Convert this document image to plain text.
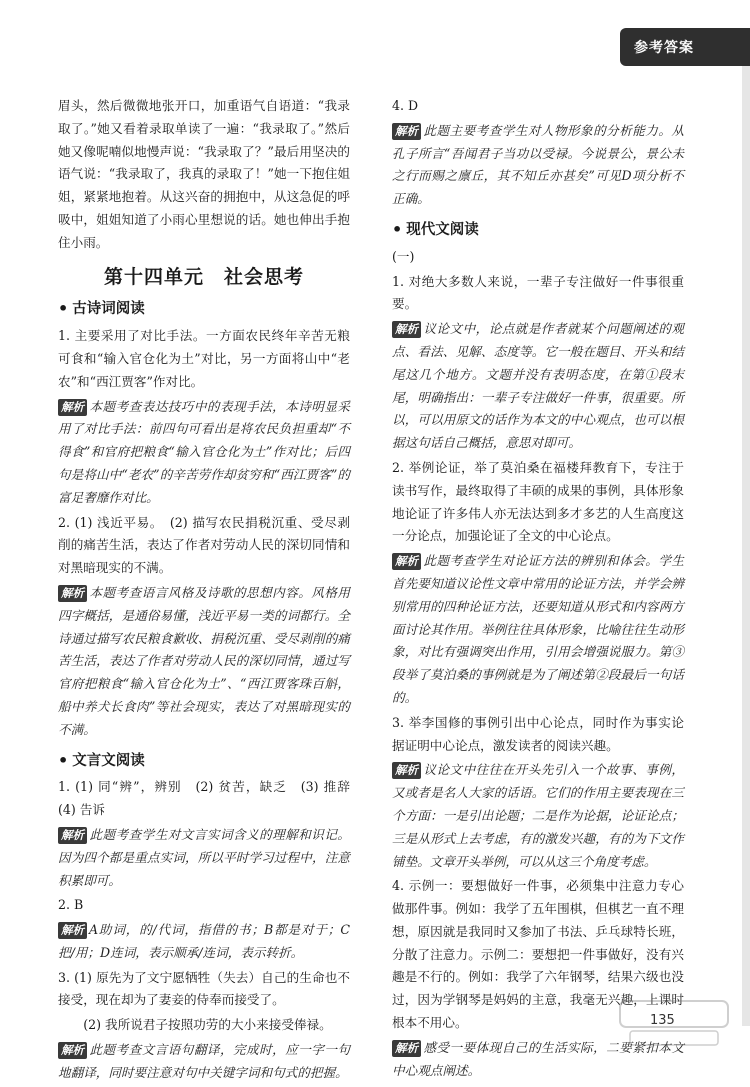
参考答案

眉头，然后微微地张开口，加重语气自语道：“我录取了。”她又看着录取单读了一遍：“我录取了。”然后她又像呢喃似地慢声说：“我录取了？”最后用坚决的语气说：“我录取了，我真的录取了！”她一下抱住姐姐，紧紧地抱着。从这兴奋的拥抱中，从这急促的呼吸中，姐姐知道了小雨心里想说的话。她也伸出手抱住小雨。

第十四单元　社会思考
• 古诗词阅读

1. 主要采用了对比手法。一方面农民终年辛苦无粮可食和“输入官仓化为土”对比，另一方面将山中“老农”和“西江贾客”作对比。

解析 本题考查表达技巧中的表现手法，本诗明显采用了对比手法：前四句可看出是将农民负担重却“不得食”和官府把粮食“输入官仓化为土”作对比；后四句是将山中“老农”的辛苦劳作却贫穷和“西江贾客”的富足奢靡作对比。

2. (1) 浅近平易。　(2) 描写农民捐税沉重、受尽剥削的痛苦生活，表达了作者对劳动人民的深切同情和对黑暗现实的不满。

解析 本题考查语言风格及诗歌的思想内容。风格用四字概括，是通俗易懂，浅近平易一类的词都行。全诗通过描写农民粮食歉收、捐税沉重、受尽剥削的痛苦生活，表达了作者对劳动人民的深切同情，通过写官府把粮食“输入官仓化为土”、“西江贾客珠百斛，船中养犬长食肉”等社会现实，表达了对黑暗现实的不满。

• 文言文阅读

1. (1) 同“辨”，辨别　(2) 贫苦，缺乏　(3) 推辞　(4) 告诉

解析 此题考查学生对文言实词含义的理解和识记。因为四个都是重点实词，所以平时学习过程中，注意积累即可。

2. B

解析 A助词，的/代词，指借的书；B都是对于；C把/用；D连词，表示顺承/连词，表示转折。

3. (1) 原先为了文宁愿牺牲（失去）自己的生命也不接受，现在却为了妻妾的侍奉而接受了。

(2) 我所说君子按照功劳的大小来接受俸禄。

解析 此题考查文言语句翻译，完成时，应一字一句地翻译，同时要注意对句中关键字词和句式的把握。

4. D

解析 此题主要考查学生对人物形象的分析能力。从孔子所言“吾闻君子当功以受禄。今说景公，景公未之行而赐之廪丘，其不知丘亦甚矣”可见D项分析不正确。

• 现代文阅读

(一)

1. 对绝大多数人来说，一辈子专注做好一件事很重要。

解析 议论文中，论点就是作者就某个问题阐述的观点、看法、见解、态度等。它一般在题目、开头和结尾这几个地方。文题并没有表明态度，在第①段末尾，明确指出：一辈子专注做好一件事，很重要。所以，可以用原文的话作为本文的中心观点，也可以根据这句话自己概括，意思对即可。

2. 举例论证，举了莫泊桑在福楼拜教育下，专注于读书写作，最终取得了丰硕的成果的事例，具体形象地论证了许多伟人亦无法达到多才多艺的人生高度这一分论点，加强论证了全文的中心论点。

解析 此题考查学生对论证方法的辨别和体会。学生首先要知道议论性文章中常用的论证方法，并学会辨别常用的四种论证方法，还要知道从形式和内容两方面讨论其作用。举例往往具体形象，比喻往往生动形象，对比有强调突出作用，引用会增强说服力。第③段举了莫泊桑的事例就是为了阐述第②段最后一句话的。

3. 举李国修的事例引出中心论点，同时作为事实论据证明中心论点，激发读者的阅读兴趣。

解析 议论文中往往在开头先引入一个故事、事例，又或者是名人大家的话语。它们的作用主要表现在三个方面：一是引出论题；二是作为论据，论证论点；三是从形式上去考虑，有的激发兴趣，有的为下文作铺垫。文章开头举例，可以从这三个角度考虑。

4. 示例一：要想做好一件事，必须集中注意力专心做那件事。例如：我学了五年围棋，但棋艺一直不理想，原因就是我同时又参加了书法、乒乓球特长班，分散了注意力。示例二：要想把一件事做好，没有兴趣是不行的。例如：我学了六年钢琴，结果六级也没过，因为学钢琴是妈妈的主意，我毫无兴趣，上课时根本不用心。

解析 感受一要体现自己的生活实际，二要紧扣本文中心观点阐述。

135
